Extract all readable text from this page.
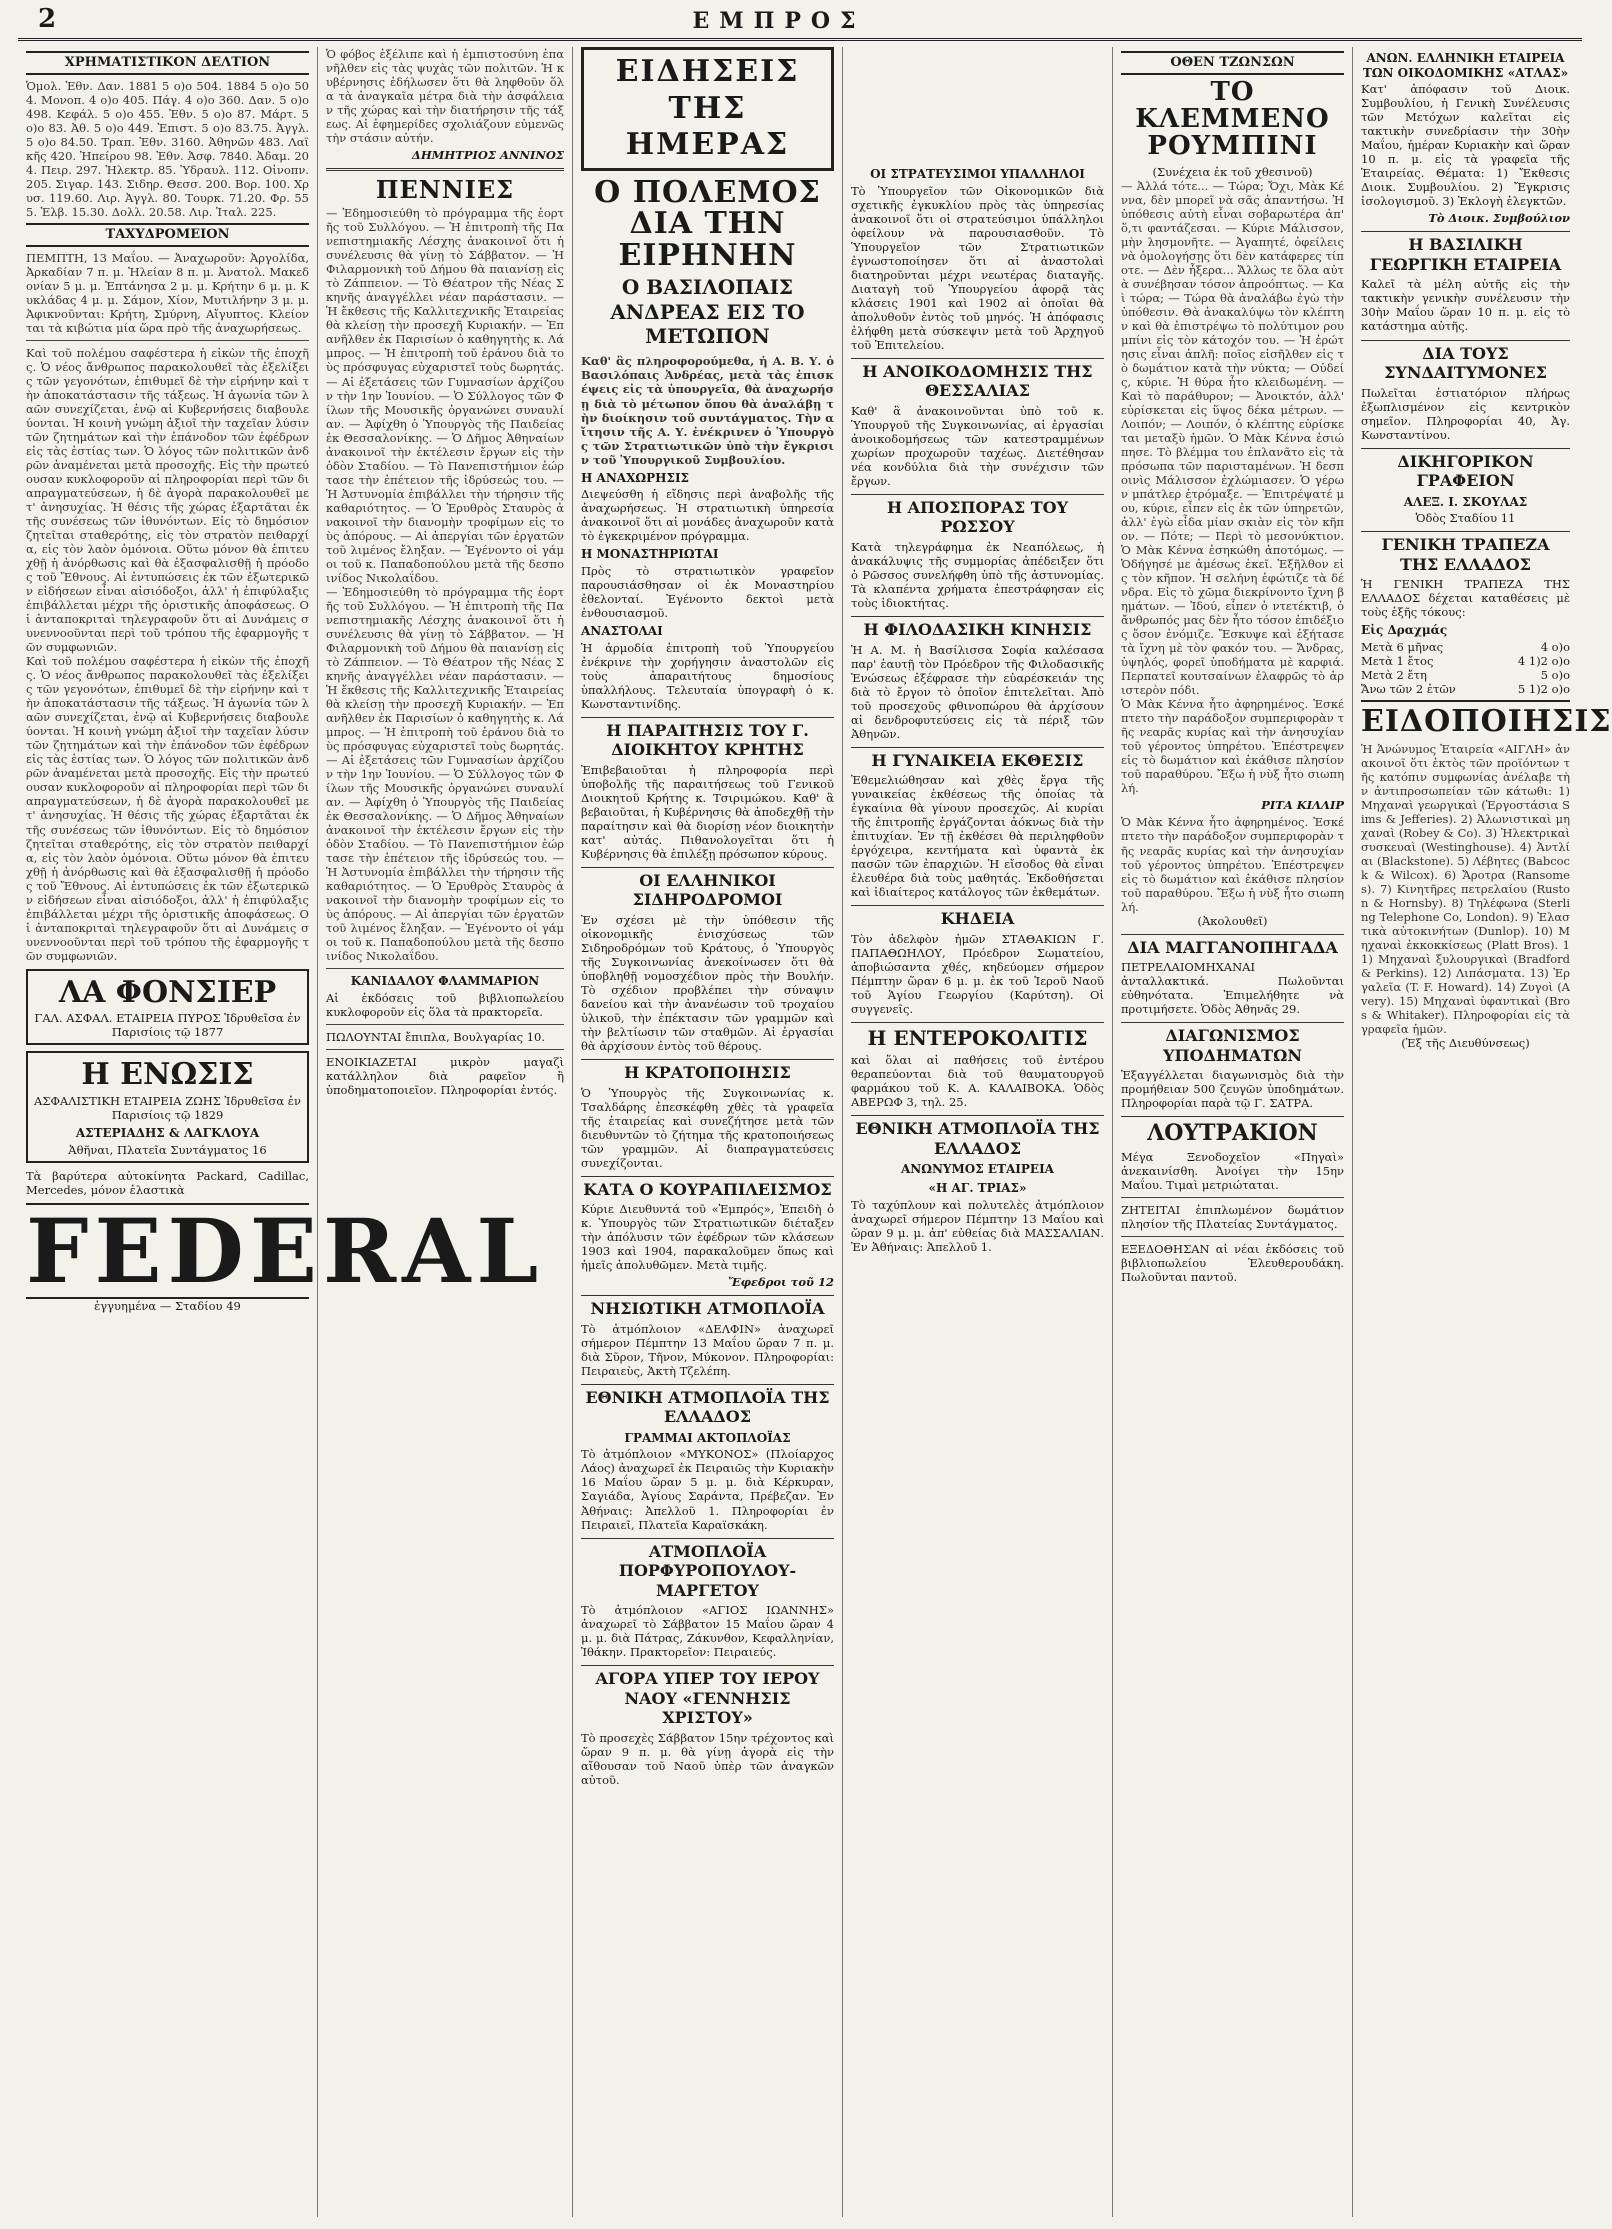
2	ΕΜΠΡΟΣ
ΧΡΗΜΑΤΙΣΤΙΚΟΝ ΔΕΛΤΙΟΝ
Ὁμολ. Ἐθν. Δαν. 1881 5 ο)ο 504. 1884 5 ο)ο 504. Μονοπ. 4 ο)ο 405. Πάγ. 4 ο)ο 360. Δαν. 5 ο)ο 498. Κεφάλ. 5 ο)ο 455. Ἐθν. 5 ο)ο 87. Μάρτ. 5 ο)ο 83. Ἀθ. 5 ο)ο 449. Ἐπιστ. 5 ο)ο 83.75. Ἀγγλ. 5 ο)ο 84.50. Τραπ. Ἐθν. 3160. Ἀθηνῶν 483. Λαϊκῆς 420. Ἠπείρου 98. Ἐθν. Ἀσφ. 7840. Ἀδαμ. 204. Πειρ. 297. Ἡλεκτρ. 85. Ὑδραυλ. 112. Οἰνοπν. 205. Σιγαρ. 143. Σιδηρ. Θεσσ. 200. Βορ. 100. Χρυσ. 119.60. Λιρ. Ἀγγλ. 80. Τουρκ. 71.20. Φρ. 555. Ἑλβ. 15.30. Δολλ. 20.58. Λιρ. Ἰταλ. 225.
ΤΑΧΥΔΡΟΜΕΙΟΝ
ΠΕΜΠΤΗ, 13 Μαΐου. — Ἀναχωροῦν: Ἀργολίδα, Ἀρκαδίαν 7 π. μ. Ἠλείαν 8 π. μ. Ἀνατολ. Μακεδονίαν 5 μ. μ. Ἑπτάνησα 2 μ. μ. Κρήτην 6 μ. μ. Κυκλάδας 4 μ. μ. Σάμον, Χίον, Μυτιλήνην 3 μ. μ. Ἀφικνοῦνται: Κρήτη, Σμύρνη, Αἴγυπτος. Κλείονται τὰ κιβώτια μία ὥρα πρὸ τῆς ἀναχωρήσεως.
Καὶ τοῦ πολέμου σαφέστερα ἡ εἰκὼν τῆς ἐποχῆς. Ὁ νέος ἄνθρωπος παρακολουθεῖ τὰς ἐξελίξεις τῶν γεγονότων, ἐπιθυμεῖ δὲ τὴν εἰρήνην καὶ τὴν ἀποκατάστασιν τῆς τάξεως. Ἡ ἀγωνία τῶν λαῶν συνεχίζεται, ἐνῷ αἱ Κυβερνήσεις διαβουλεύονται. Ἡ κοινὴ γνώμη ἀξιοῖ τὴν ταχεῖαν λύσιν τῶν ζητημάτων καὶ τὴν ἐπάνοδον τῶν ἐφέδρων εἰς τὰς ἑστίας των. Ὁ λόγος τῶν πολιτικῶν ἀνδρῶν ἀναμένεται μετὰ προσοχῆς. Εἰς τὴν πρωτεύουσαν κυκλοφοροῦν αἱ πληροφορίαι περὶ τῶν διαπραγματεύσεων, ἡ δὲ ἀγορὰ παρακολουθεῖ μετ' ἀνησυχίας. Ἡ θέσις τῆς χώρας ἐξαρτᾶται ἐκ τῆς συνέσεως τῶν ἰθυνόντων. Εἰς τὸ δημόσιον ζητεῖται σταθερότης, εἰς τὸν στρατὸν πειθαρχία, εἰς τὸν λαὸν ὁμόνοια. Οὕτω μόνον θὰ ἐπιτευχθῇ ἡ ἀνόρθωσις καὶ θὰ ἐξασφαλισθῇ ἡ πρόοδος τοῦ Ἔθνους. Αἱ ἐντυπώσεις ἐκ τῶν ἐξωτερικῶν εἰδήσεων εἶναι αἰσιόδοξοι, ἀλλ' ἡ ἐπιφύλαξις ἐπιβάλλεται μέχρι τῆς ὁριστικῆς ἀποφάσεως. Οἱ ἀνταποκριταὶ τηλεγραφοῦν ὅτι αἱ Δυνάμεις συνεννοοῦνται περὶ τοῦ τρόπου τῆς ἐφαρμογῆς τῶν συμφωνιῶν.
Καὶ τοῦ πολέμου σαφέστερα ἡ εἰκὼν τῆς ἐποχῆς. Ὁ νέος ἄνθρωπος παρακολουθεῖ τὰς ἐξελίξεις τῶν γεγονότων, ἐπιθυμεῖ δὲ τὴν εἰρήνην καὶ τὴν ἀποκατάστασιν τῆς τάξεως. Ἡ ἀγωνία τῶν λαῶν συνεχίζεται, ἐνῷ αἱ Κυβερνήσεις διαβουλεύονται. Ἡ κοινὴ γνώμη ἀξιοῖ τὴν ταχεῖαν λύσιν τῶν ζητημάτων καὶ τὴν ἐπάνοδον τῶν ἐφέδρων εἰς τὰς ἑστίας των. Ὁ λόγος τῶν πολιτικῶν ἀνδρῶν ἀναμένεται μετὰ προσοχῆς. Εἰς τὴν πρωτεύουσαν κυκλοφοροῦν αἱ πληροφορίαι περὶ τῶν διαπραγματεύσεων, ἡ δὲ ἀγορὰ παρακολουθεῖ μετ' ἀνησυχίας. Ἡ θέσις τῆς χώρας ἐξαρτᾶται ἐκ τῆς συνέσεως τῶν ἰθυνόντων. Εἰς τὸ δημόσιον ζητεῖται σταθερότης, εἰς τὸν στρατὸν πειθαρχία, εἰς τὸν λαὸν ὁμόνοια. Οὕτω μόνον θὰ ἐπιτευχθῇ ἡ ἀνόρθωσις καὶ θὰ ἐξασφαλισθῇ ἡ πρόοδος τοῦ Ἔθνους. Αἱ ἐντυπώσεις ἐκ τῶν ἐξωτερικῶν εἰδήσεων εἶναι αἰσιόδοξοι, ἀλλ' ἡ ἐπιφύλαξις ἐπιβάλλεται μέχρι τῆς ὁριστικῆς ἀποφάσεως. Οἱ ἀνταποκριταὶ τηλεγραφοῦν ὅτι αἱ Δυνάμεις συνεννοοῦνται περὶ τοῦ τρόπου τῆς ἐφαρμογῆς τῶν συμφωνιῶν.
ΛΑ ΦΟΝΣΙΕΡ
ΓΑΛ. ΑΣΦΑΛ. ΕΤΑΙΡΕΙΑ ΠΥΡΟΣ Ἱδρυθεῖσα ἐν Παρισίοις τῷ 1877
Η ΕΝΩΣΙΣ
ΑΣΦΑΛΙΣΤΙΚΗ ΕΤΑΙΡΕΙΑ ΖΩΗΣ Ἱδρυθεῖσα ἐν Παρισίοις τῷ 1829
ΑΣΤΕΡΙΑΔΗΣ & ΛΑΓΚΛΟΥΑ
Ἀθῆναι, Πλατεῖα Συντάγματος 16
Τὰ βαρύτερα αὐτοκίνητα Packard, Cadillac, Mercedes, μόνον ἐλαστικὰ
FEDERAL
ἐγγυημένα — Σταδίου 49
Ὁ φόβος ἐξέλιπε καὶ ἡ ἐμπιστοσύνη ἐπανῆλθεν εἰς τὰς ψυχὰς τῶν πολιτῶν. Ἡ κυβέρνησις ἐδήλωσεν ὅτι θὰ ληφθοῦν ὅλα τὰ ἀναγκαῖα μέτρα διὰ τὴν ἀσφάλειαν τῆς χώρας καὶ τὴν διατήρησιν τῆς τάξεως. Αἱ ἐφημερίδες σχολιάζουν εὐμενῶς τὴν στάσιν αὐτήν.
ΔΗΜΗΤΡΙΟΣ ΑΝΝΙΝΟΣ
ΠΕΝΝΙΕΣ
— Ἐδημοσιεύθη τὸ πρόγραμμα τῆς ἑορτῆς τοῦ Συλλόγου. — Ἡ ἐπιτροπὴ τῆς Πανεπιστημιακῆς Λέσχης ἀνακοινοῖ ὅτι ἡ συνέλευσις θὰ γίνῃ τὸ Σάββατον. — Ἡ Φιλαρμονικὴ τοῦ Δήμου θὰ παιανίσῃ εἰς τὸ Ζάππειον. — Τὸ Θέατρον τῆς Νέας Σκηνῆς ἀναγγέλλει νέαν παράστασιν. — Ἡ ἔκθεσις τῆς Καλλιτεχνικῆς Ἑταιρείας θὰ κλείσῃ τὴν προσεχῆ Κυριακήν. — Ἐπανῆλθεν ἐκ Παρισίων ὁ καθηγητὴς κ. Λάμπρος. — Ἡ ἐπιτροπὴ τοῦ ἐράνου διὰ τοὺς πρόσφυγας εὐχαριστεῖ τοὺς δωρητάς. — Αἱ ἐξετάσεις τῶν Γυμνασίων ἀρχίζουν τὴν 1ην Ἰουνίου. — Ὁ Σύλλογος τῶν Φίλων τῆς Μουσικῆς ὀργανώνει συναυλίαν. — Ἀφίχθη ὁ Ὑπουργὸς τῆς Παιδείας ἐκ Θεσσαλονίκης. — Ὁ Δῆμος Ἀθηναίων ἀνακοινοῖ τὴν ἐκτέλεσιν ἔργων εἰς τὴν ὁδὸν Σταδίου. — Τὸ Πανεπιστήμιον ἐώρτασε τὴν ἐπέτειον τῆς ἱδρύσεώς του. — Ἡ Ἀστυνομία ἐπιβάλλει τὴν τήρησιν τῆς καθαριότητος. — Ὁ Ἐρυθρὸς Σταυρὸς ἀνακοινοῖ τὴν διανομὴν τροφίμων εἰς τοὺς ἀπόρους. — Αἱ ἀπεργίαι τῶν ἐργατῶν τοῦ λιμένος ἔληξαν. — Ἐγένοντο οἱ γάμοι τοῦ κ. Παπαδοπούλου μετὰ τῆς δεσποινίδος Νικολαΐδου.
— Ἐδημοσιεύθη τὸ πρόγραμμα τῆς ἑορτῆς τοῦ Συλλόγου. — Ἡ ἐπιτροπὴ τῆς Πανεπιστημιακῆς Λέσχης ἀνακοινοῖ ὅτι ἡ συνέλευσις θὰ γίνῃ τὸ Σάββατον. — Ἡ Φιλαρμονικὴ τοῦ Δήμου θὰ παιανίσῃ εἰς τὸ Ζάππειον. — Τὸ Θέατρον τῆς Νέας Σκηνῆς ἀναγγέλλει νέαν παράστασιν. — Ἡ ἔκθεσις τῆς Καλλιτεχνικῆς Ἑταιρείας θὰ κλείσῃ τὴν προσεχῆ Κυριακήν. — Ἐπανῆλθεν ἐκ Παρισίων ὁ καθηγητὴς κ. Λάμπρος. — Ἡ ἐπιτροπὴ τοῦ ἐράνου διὰ τοὺς πρόσφυγας εὐχαριστεῖ τοὺς δωρητάς. — Αἱ ἐξετάσεις τῶν Γυμνασίων ἀρχίζουν τὴν 1ην Ἰουνίου. — Ὁ Σύλλογος τῶν Φίλων τῆς Μουσικῆς ὀργανώνει συναυλίαν. — Ἀφίχθη ὁ Ὑπουργὸς τῆς Παιδείας ἐκ Θεσσαλονίκης. — Ὁ Δῆμος Ἀθηναίων ἀνακοινοῖ τὴν ἐκτέλεσιν ἔργων εἰς τὴν ὁδὸν Σταδίου. — Τὸ Πανεπιστήμιον ἐώρτασε τὴν ἐπέτειον τῆς ἱδρύσεώς του. — Ἡ Ἀστυνομία ἐπιβάλλει τὴν τήρησιν τῆς καθαριότητος. — Ὁ Ἐρυθρὸς Σταυρὸς ἀνακοινοῖ τὴν διανομὴν τροφίμων εἰς τοὺς ἀπόρους. — Αἱ ἀπεργίαι τῶν ἐργατῶν τοῦ λιμένος ἔληξαν. — Ἐγένοντο οἱ γάμοι τοῦ κ. Παπαδοπούλου μετὰ τῆς δεσποινίδος Νικολαΐδου.
ΚΑΝΙΔΑΛΟΥ ΦΛΑΜΜΑΡΙΟΝ
Αἱ ἐκδόσεις τοῦ βιβλιοπωλείου κυκλοφοροῦν εἰς ὅλα τὰ πρακτορεῖα.
ΠΩΛΟΥΝΤΑΙ ἔπιπλα, Βουλγαρίας 10.
ΕΝΟΙΚΙΑΖΕΤΑΙ μικρὸν μαγαζὶ κατάλληλον διὰ ραφεῖον ἢ ὑποδηματοποιεῖον. Πληροφορίαι ἐντός.
ΕΙΔΗΣΕΙΣ ΤΗΣ ΗΜΕΡΑΣ
Ο ΠΟΛΕΜΟΣ ΔΙΑ ΤΗΝ ΕΙΡΗΝΗΝ
Ο ΒΑΣΙΛΟΠΑΙΣ ΑΝΔΡΕΑΣ ΕΙΣ ΤΟ ΜΕΤΩΠΟΝ
Καθ' ἃς πληροφορούμεθα, ἡ Α. Β. Υ. ὁ Βασιλόπαις Ἀνδρέας, μετὰ τὰς ἐπισκέψεις εἰς τὰ ὑπουργεῖα, θὰ ἀναχωρήσῃ διὰ τὸ μέτωπον ὅπου θὰ ἀναλάβῃ τὴν διοίκησιν τοῦ συντάγματος. Τὴν αἴτησιν τῆς Α. Υ. ἐνέκρινεν ὁ Ὑπουργὸς τῶν Στρατιωτικῶν ὑπὸ τὴν ἔγκρισιν τοῦ Ὑπουργικοῦ Συμβουλίου.
Η ΑΝΑΧΩΡΗΣΙΣ
Διεψεύσθη ἡ εἴδησις περὶ ἀναβολῆς τῆς ἀναχωρήσεως. Ἡ στρατιωτικὴ ὑπηρεσία ἀνακοινοῖ ὅτι αἱ μονάδες ἀναχωροῦν κατὰ τὸ ἐγκεκριμένον πρόγραμμα.
Η ΜΟΝΑΣΤΗΡΙΩΤΑΙ
Πρὸς τὸ στρατιωτικὸν γραφεῖον παρουσιάσθησαν οἱ ἐκ Μοναστηρίου ἐθελονταί. Ἐγένοντο δεκτοὶ μετὰ ἐνθουσιασμοῦ.
ΑΝΑΣΤΟΛΑΙ
Ἡ ἁρμοδία ἐπιτροπὴ τοῦ Ὑπουργείου ἐνέκρινε τὴν χορήγησιν ἀναστολῶν εἰς τοὺς ἀπαραιτήτους δημοσίους ὑπαλλήλους. Τελευταία ὑπογραφὴ ὁ κ. Κωνσταντινίδης.
Η ΠΑΡΑΙΤΗΣΙΣ ΤΟΥ Γ. ΔΙΟΙΚΗΤΟΥ ΚΡΗΤΗΣ
Ἐπιβεβαιοῦται ἡ πληροφορία περὶ ὑποβολῆς τῆς παραιτήσεως τοῦ Γενικοῦ Διοικητοῦ Κρήτης κ. Τσιριμώκου. Καθ' ἃ βεβαιοῦται, ἡ Κυβέρνησις θὰ ἀποδεχθῇ τὴν παραίτησιν καὶ θὰ διορίσῃ νέον διοικητὴν κατ' αὐτάς. Πιθανολογεῖται ὅτι ἡ Κυβέρνησις θὰ ἐπιλέξῃ πρόσωπον κύρους.
ΟΙ ΕΛΛΗΝΙΚΟΙ ΣΙΔΗΡΟΔΡΟΜΟΙ
Ἐν σχέσει μὲ τὴν ὑπόθεσιν τῆς οἰκονομικῆς ἐνισχύσεως τῶν Σιδηροδρόμων τοῦ Κράτους, ὁ Ὑπουργὸς τῆς Συγκοινωνίας ἀνεκοίνωσεν ὅτι θὰ ὑποβληθῇ νομοσχέδιον πρὸς τὴν Βουλήν. Τὸ σχέδιον προβλέπει τὴν σύναψιν δανείου καὶ τὴν ἀνανέωσιν τοῦ τροχαίου ὑλικοῦ, τὴν ἐπέκτασιν τῶν γραμμῶν καὶ τὴν βελτίωσιν τῶν σταθμῶν. Αἱ ἐργασίαι θὰ ἀρχίσουν ἐντὸς τοῦ θέρους.
Η ΚΡΑΤΟΠΟΙΗΣΙΣ
Ὁ Ὑπουργὸς τῆς Συγκοινωνίας κ. Τσαλδάρης ἐπεσκέφθη χθὲς τὰ γραφεῖα τῆς ἑταιρείας καὶ συνεζήτησε μετὰ τῶν διευθυντῶν τὸ ζήτημα τῆς κρατοποιήσεως τῶν γραμμῶν. Αἱ διαπραγματεύσεις συνεχίζονται.
ΚΑΤΑ Ο ΚΟΥΡΑΠΙΛΕΙΣΜΟΣ
Κύριε Διευθυντά τοῦ «Ἐμπρός», Ἐπειδὴ ὁ κ. Ὑπουργὸς τῶν Στρατιωτικῶν διέταξεν τὴν ἀπόλυσιν τῶν ἐφέδρων τῶν κλάσεων 1903 καὶ 1904, παρακαλοῦμεν ὅπως καὶ ἡμεῖς ἀπολυθῶμεν. Μετὰ τιμῆς.
Ἔφεδροι τοῦ 12
ΝΗΣΙΩΤΙΚΗ ΑΤΜΟΠΛΟΪΑ
Τὸ ἀτμόπλοιον «ΔΕΛΦΙΝ» ἀναχωρεῖ σήμερον Πέμπτην 13 Μαΐου ὥραν 7 π. μ. διὰ Σῦρον, Τῆνον, Μύκονον. Πληροφορίαι: Πειραιεὺς, Ἀκτὴ Τζελέπη.
ΕΘΝΙΚΗ ΑΤΜΟΠΛΟΪΑ ΤΗΣ ΕΛΛΑΔΟΣ
ΓΡΑΜΜΑΙ ΑΚΤΟΠΛΟΪΑΣ
Τὸ ἀτμόπλοιον «ΜΥΚΟΝΟΣ» (Πλοίαρχος Λάος) ἀναχωρεῖ ἐκ Πειραιῶς τὴν Κυριακὴν 16 Μαΐου ὥραν 5 μ. μ. διὰ Κέρκυραν, Σαγιάδα, Ἀγίους Σαράντα, Πρέβεζαν. Ἐν Ἀθήναις: Ἀπελλοῦ 1. Πληροφορίαι ἐν Πειραιεῖ, Πλατεῖα Καραϊσκάκη.
ΑΤΜΟΠΛΟΪΑ ΠΟΡΦΥΡΟΠΟΥΛΟΥ-ΜΑΡΓΕΤΟΥ
Τὸ ἀτμόπλοιον «ΑΓΙΟΣ ΙΩΑΝΝΗΣ» ἀναχωρεῖ τὸ Σάββατον 15 Μαΐου ὥραν 4 μ. μ. διὰ Πάτρας, Ζάκυνθον, Κεφαλληνίαν, Ἰθάκην. Πρακτορεῖον: Πειραιεύς.
ΑΓΟΡΑ ΥΠΕΡ ΤΟΥ ΙΕΡΟΥ ΝΑΟΥ «ΓΕΝΝΗΣΙΣ ΧΡΙΣΤΟΥ»
Τὸ προσεχὲς Σάββατον 15ην τρέχοντος καὶ ὥραν 9 π. μ. θὰ γίνῃ ἀγορὰ εἰς τὴν αἴθουσαν τοῦ Ναοῦ ὑπὲρ τῶν ἀναγκῶν αὐτοῦ.
ΟΙ ΣΤΡΑΤΕΥΣΙΜΟΙ ΥΠΑΛΛΗΛΟΙ
Τὸ Ὑπουργεῖον τῶν Οἰκονομικῶν διὰ σχετικῆς ἐγκυκλίου πρὸς τὰς ὑπηρεσίας ἀνακοινοῖ ὅτι οἱ στρατεύσιμοι ὑπάλληλοι ὀφείλουν νὰ παρουσιασθοῦν. Τὸ Ὑπουργεῖον τῶν Στρατιωτικῶν ἐγνωστοποίησεν ὅτι αἱ ἀναστολαὶ διατηροῦνται μέχρι νεωτέρας διαταγῆς. Διαταγὴ τοῦ Ὑπουργείου ἀφορᾷ τὰς κλάσεις 1901 καὶ 1902 αἱ ὁποῖαι θὰ ἀπολυθοῦν ἐντὸς τοῦ μηνός. Ἡ ἀπόφασις ἐλήφθη μετὰ σύσκεψιν μετὰ τοῦ Ἀρχηγοῦ τοῦ Ἐπιτελείου.
Η ΑΝΟΙΚΟΔΟΜΗΣΙΣ ΤΗΣ ΘΕΣΣΑΛΙΑΣ
Καθ' ἃ ἀνακοινοῦνται ὑπὸ τοῦ κ. Ὑπουργοῦ τῆς Συγκοινωνίας, αἱ ἐργασίαι ἀνοικοδομήσεως τῶν κατεστραμμένων χωρίων προχωροῦν ταχέως. Διετέθησαν νέα κονδύλια διὰ τὴν συνέχισιν τῶν ἔργων.
Η ΑΠΟΣΠΟΡΑΣ ΤΟΥ ΡΩΣΣΟΥ
Κατὰ τηλεγράφημα ἐκ Νεαπόλεως, ἡ ἀνακάλυψις τῆς συμμορίας ἀπέδειξεν ὅτι ὁ Ρῶσσος συνελήφθη ὑπὸ τῆς ἀστυνομίας. Τὰ κλαπέντα χρήματα ἐπεστράφησαν εἰς τοὺς ἰδιοκτήτας.
Η ΦΙΛΟΔΑΣΙΚΗ ΚΙΝΗΣΙΣ
Ἡ Α. Μ. ἡ Βασίλισσα Σοφία καλέσασα παρ' ἑαυτῇ τὸν Πρόεδρον τῆς Φιλοδασικῆς Ἑνώσεως ἐξέφρασε τὴν εὐαρέσκειάν της διὰ τὸ ἔργον τὸ ὁποῖον ἐπιτελεῖται. Ἀπὸ τοῦ προσεχοῦς φθινοπώρου θὰ ἀρχίσουν αἱ δενδροφυτεύσεις εἰς τὰ πέριξ τῶν Ἀθηνῶν.
Η ΓΥΝΑΙΚΕΙΑ ΕΚΘΕΣΙΣ
Ἐθεμελιώθησαν καὶ χθὲς ἔργα τῆς γυναικείας ἐκθέσεως τῆς ὁποίας τὰ ἐγκαίνια θὰ γίνουν προσεχῶς. Αἱ κυρίαι τῆς ἐπιτροπῆς ἐργάζονται ἀόκνως διὰ τὴν ἐπιτυχίαν. Ἐν τῇ ἐκθέσει θὰ περιληφθοῦν ἐργόχειρα, κεντήματα καὶ ὑφαντὰ ἐκ πασῶν τῶν ἐπαρχιῶν. Ἡ εἴσοδος θὰ εἶναι ἐλευθέρα διὰ τοὺς μαθητάς. Ἐκδοθήσεται καὶ ἰδιαίτερος κατάλογος τῶν ἐκθεμάτων.
ΚΗΔΕΙΑ
Τὸν ἀδελφὸν ἡμῶν ΣΤΑΘΑΚΙΩΝ Γ. ΠΑΠΑΘΩΗΛΟΥ, Πρόεδρον Σωματείου, ἀποβιώσαντα χθές, κηδεύομεν σήμερον Πέμπτην ὥραν 6 μ. μ. ἐκ τοῦ Ἱεροῦ Ναοῦ τοῦ Ἁγίου Γεωργίου (Καρύτση). Οἱ συγγενεῖς.
Η ΕΝΤΕΡΟΚΟΛΙΤΙΣ
καὶ ὅλαι αἱ παθήσεις τοῦ ἐντέρου θεραπεύονται διὰ τοῦ θαυματουργοῦ φαρμάκου τοῦ Κ. Α. ΚΑΛΑΙΒΟΚΑ. Ὁδὸς ΑΒΕΡΩΦ 3, τηλ. 25.
ΕΘΝΙΚΗ ΑΤΜΟΠΛΟΪΑ ΤΗΣ ΕΛΛΑΔΟΣ
ΑΝΩΝΥΜΟΣ ΕΤΑΙΡΕΙΑ
«Η ΑΓ. ΤΡΙΑΣ»
Τὸ ταχύπλουν καὶ πολυτελὲς ἀτμόπλοιον ἀναχωρεῖ σήμερον Πέμπτην 13 Μαΐου καὶ ὥραν 9 μ. μ. ἀπ' εὐθείας διὰ ΜΑΣΣΑΛΙΑΝ. Ἐν Ἀθήναις: Ἀπελλοῦ 1.
ΟΘΕΝ ΤΖΩΝΣΩΝ
ΤΟ ΚΛΕΜΜΕΝΟ ΡΟΥΜΠΙΝΙ
(Συνέχεια ἐκ τοῦ χθεσινοῦ)
— Ἀλλά τότε... — Τώρα; Ὄχι, Μὰκ Κέννα, δὲν μπορεῖ νὰ σᾶς ἀπαντήσω. Ἡ ὑπόθεσις αὐτὴ εἶναι σοβαρωτέρα ἀπ' ὅ,τι φαντάζεσαι. — Κύριε Μάλισσον, μὴν λησμονῆτε. — Ἀγαπητέ, ὀφείλεις νὰ ὁμολογήσῃς ὅτι δὲν κατάφερες τίποτε. — Δὲν ἦξερα... Ἄλλως τε ὅλα αὐτὰ συνέβησαν τόσον ἀπροόπτως. — Καὶ τώρα; — Τώρα θὰ ἀναλάβω ἐγὼ τὴν ὑπόθεσιν. Θὰ ἀνακαλύψω τὸν κλέπτην καὶ θὰ ἐπιστρέψω τὸ πολύτιμον ρουμπίνι εἰς τὸν κάτοχόν του. — Ἡ ἐρώτησις εἶναι ἁπλῆ: ποῖος εἰσῆλθεν εἰς τὸ δωμάτιον κατὰ τὴν νύκτα; — Οὐδείς, κύριε. Ἡ θύρα ἦτο κλειδωμένη. — Καὶ τὸ παράθυρον; — Ἀνοικτόν, ἀλλ' εὑρίσκεται εἰς ὕψος δέκα μέτρων. — Λοιπόν; — Λοιπόν, ὁ κλέπτης εὑρίσκεται μεταξὺ ἡμῶν. Ὁ Μὰκ Κέννα ἐσιώπησε. Τὸ βλέμμα του ἐπλανᾶτο εἰς τὰ πρόσωπα τῶν παρισταμένων. Ἡ δεσποινὶς Μάλισσον ἐχλώμιασεν. Ὁ γέρων μπάτλερ ἐτρόμαξε. — Ἐπιτρέψατέ μου, κύριε, εἶπεν εἰς ἐκ τῶν ὑπηρετῶν, ἀλλ' ἐγὼ εἶδα μίαν σκιὰν εἰς τὸν κῆπον. — Πότε; — Περὶ τὸ μεσονύκτιον. Ὁ Μὰκ Κέννα ἐσηκώθη ἀποτόμως. — Ὁδήγησέ με ἀμέσως ἐκεῖ. Ἐξῆλθον εἰς τὸν κῆπον. Ἡ σελήνη ἐφώτιζε τὰ δένδρα. Εἰς τὸ χῶμα διεκρίνοντο ἴχνη βημάτων. — Ἰδού, εἶπεν ὁ ντετέκτιβ, ὁ ἄνθρωπός μας δὲν ἦτο τόσον ἐπιδέξιος ὅσον ἐνόμιζε. Ἔσκυψε καὶ ἐξήτασε τὰ ἴχνη μὲ τὸν φακόν του. — Ἄνδρας, ὑψηλός, φορεῖ ὑποδήματα μὲ καρφιά. Περπατεῖ κουτσαίνων ἐλαφρῶς τὸ ἀριστερὸν πόδι.
Ὁ Μὰκ Κέννα ἦτο ἀφηρημένος. Ἐσκέπτετο τὴν παράδοξον συμπεριφορὰν τῆς νεαρᾶς κυρίας καὶ τὴν ἀνησυχίαν τοῦ γέροντος ὑπηρέτου. Ἐπέστρεψεν εἰς τὸ δωμάτιον καὶ ἐκάθισε πλησίον τοῦ παραθύρου. Ἔξω ἡ νὺξ ἦτο σιωπηλή.
ΡΙΤΑ ΚΙΛΛΙΡ
Ὁ Μὰκ Κέννα ἦτο ἀφηρημένος. Ἐσκέπτετο τὴν παράδοξον συμπεριφορὰν τῆς νεαρᾶς κυρίας καὶ τὴν ἀνησυχίαν τοῦ γέροντος ὑπηρέτου. Ἐπέστρεψεν εἰς τὸ δωμάτιον καὶ ἐκάθισε πλησίον τοῦ παραθύρου. Ἔξω ἡ νὺξ ἦτο σιωπηλή.
(Ἀκολουθεῖ)
ΔΙΑ ΜΑΓΓΑΝΟΠΗΓΑΔΑ
ΠΕΤΡΕΛΑΙΟΜΗΧΑΝΑΙ ἀνταλλακτικά. Πωλοῦνται εὐθηνότατα. Ἐπιμελήθητε νὰ προτιμήσετε. Ὁδὸς Ἀθηνᾶς 29.
ΔΙΑΓΩΝΙΣΜΟΣ ΥΠΟΔΗΜΑΤΩΝ
Ἐξαγγέλλεται διαγωνισμὸς διὰ τὴν προμήθειαν 500 ζευγῶν ὑποδημάτων. Πληροφορίαι παρὰ τῷ Γ. ΣΑΤΡΑ.
ΛΟΥΤΡΑΚΙΟΝ
Μέγα Ξενοδοχεῖον «Πηγαὶ» ἀνεκαινίσθη. Ἀνοίγει τὴν 15ην Μαΐου. Τιμαὶ μετριώταται.
ΖΗΤΕΙΤΑΙ ἐπιπλωμένον δωμάτιον πλησίον τῆς Πλατείας Συντάγματος.
ΕΞΕΔΟΘΗΣΑΝ αἱ νέαι ἐκδόσεις τοῦ βιβλιοπωλείου Ἐλευθερουδάκη. Πωλοῦνται παντοῦ.
ΑΝΩΝ. ΕΛΛΗΝΙΚΗ ΕΤΑΙΡΕΙΑ ΤΩΝ ΟΙΚΟΔΟΜΙΚΗΣ «ΑΤΛΑΣ»
Κατ' ἀπόφασιν τοῦ Διοικ. Συμβουλίου, ἡ Γενικὴ Συνέλευσις τῶν Μετόχων καλεῖται εἰς τακτικὴν συνεδρίασιν τὴν 30ὴν Μαΐου, ἡμέραν Κυριακὴν καὶ ὥραν 10 π. μ. εἰς τὰ γραφεῖα τῆς Ἑταιρείας. Θέματα: 1) Ἔκθεσις Διοικ. Συμβουλίου. 2) Ἔγκρισις ἰσολογισμοῦ. 3) Ἐκλογὴ ἐλεγκτῶν.
Τὸ Διοικ. Συμβούλιον
Η ΒΑΣΙΛΙΚΗ ΓΕΩΡΓΙΚΗ ΕΤΑΙΡΕΙΑ
Καλεῖ τὰ μέλη αὐτῆς εἰς τὴν τακτικὴν γενικὴν συνέλευσιν τὴν 30ὴν Μαΐου ὥραν 10 π. μ. εἰς τὸ κατάστημα αὐτῆς.
ΔΙΑ ΤΟΥΣ ΣΥΝΔΑΙΤΥΜΟΝΕΣ
Πωλεῖται ἑστιατόριον πλήρως ἐξωπλισμένον εἰς κεντρικὸν σημεῖον. Πληροφορίαι 40, Ἀγ. Κωνσταντίνου.
ΔΙΚΗΓΟΡΙΚΟΝ ΓΡΑΦΕΙΟΝ
ΑΛΕΞ. Ι. ΣΚΟΥΛΑΣ
Ὁδὸς Σταδίου 11
ΓΕΝΙΚΗ ΤΡΑΠΕΖΑ ΤΗΣ ΕΛΛΑΔΟΣ
Ἡ ΓΕΝΙΚΗ ΤΡΑΠΕΖΑ ΤΗΣ ΕΛΛΑΔΟΣ δέχεται καταθέσεις μὲ τοὺς ἑξῆς τόκους:
Εἰς Δραχμάς
Μετὰ 6 μῆνας	4 ο)ο
Μετὰ 1 ἔτος	4 1)2 ο)ο
Μετὰ 2 ἔτη	5 ο)ο
Ἄνω τῶν 2 ἐτῶν	5 1)2 ο)ο
ΕΙΔΟΠΟΙΗΣΙΣ
Ἡ Ἀνώνυμος Ἑταιρεία «ΑΙΓΛΗ» ἀνακοινοῖ ὅτι ἐκτὸς τῶν προϊόντων τῆς κατόπιν συμφωνίας ἀνέλαβε τὴν ἀντιπροσωπείαν τῶν κάτωθι: 1) Μηχαναὶ γεωργικαὶ (Ἐργοστάσια Sims & Jefferies). 2) Ἀλωνιστικαὶ μηχαναὶ (Robey & Co). 3) Ἠλεκτρικαὶ συσκευαὶ (Westinghouse). 4) Ἀντλίαι (Blackstone). 5) Λέβητες (Babcock & Wilcox). 6) Ἄροτρα (Ransomes). 7) Κινητῆρες πετρελαίου (Ruston & Hornsby). 8) Τηλέφωνα (Sterling Telephone Co, London). 9) Ἐλαστικὰ αὐτοκινήτων (Dunlop). 10) Μηχαναὶ ἐκκοκκίσεως (Platt Bros). 11) Μηχαναὶ ξυλουργικαὶ (Bradford & Perkins). 12) Λιπάσματα. 13) Ἐργαλεῖα (T. F. Howard). 14) Ζυγοὶ (Avery). 15) Μηχαναὶ ὑφαντικαὶ (Bros & Whitaker). Πληροφορίαι εἰς τὰ γραφεῖα ἡμῶν.
(Ἐξ τῆς Διευθύνσεως)
